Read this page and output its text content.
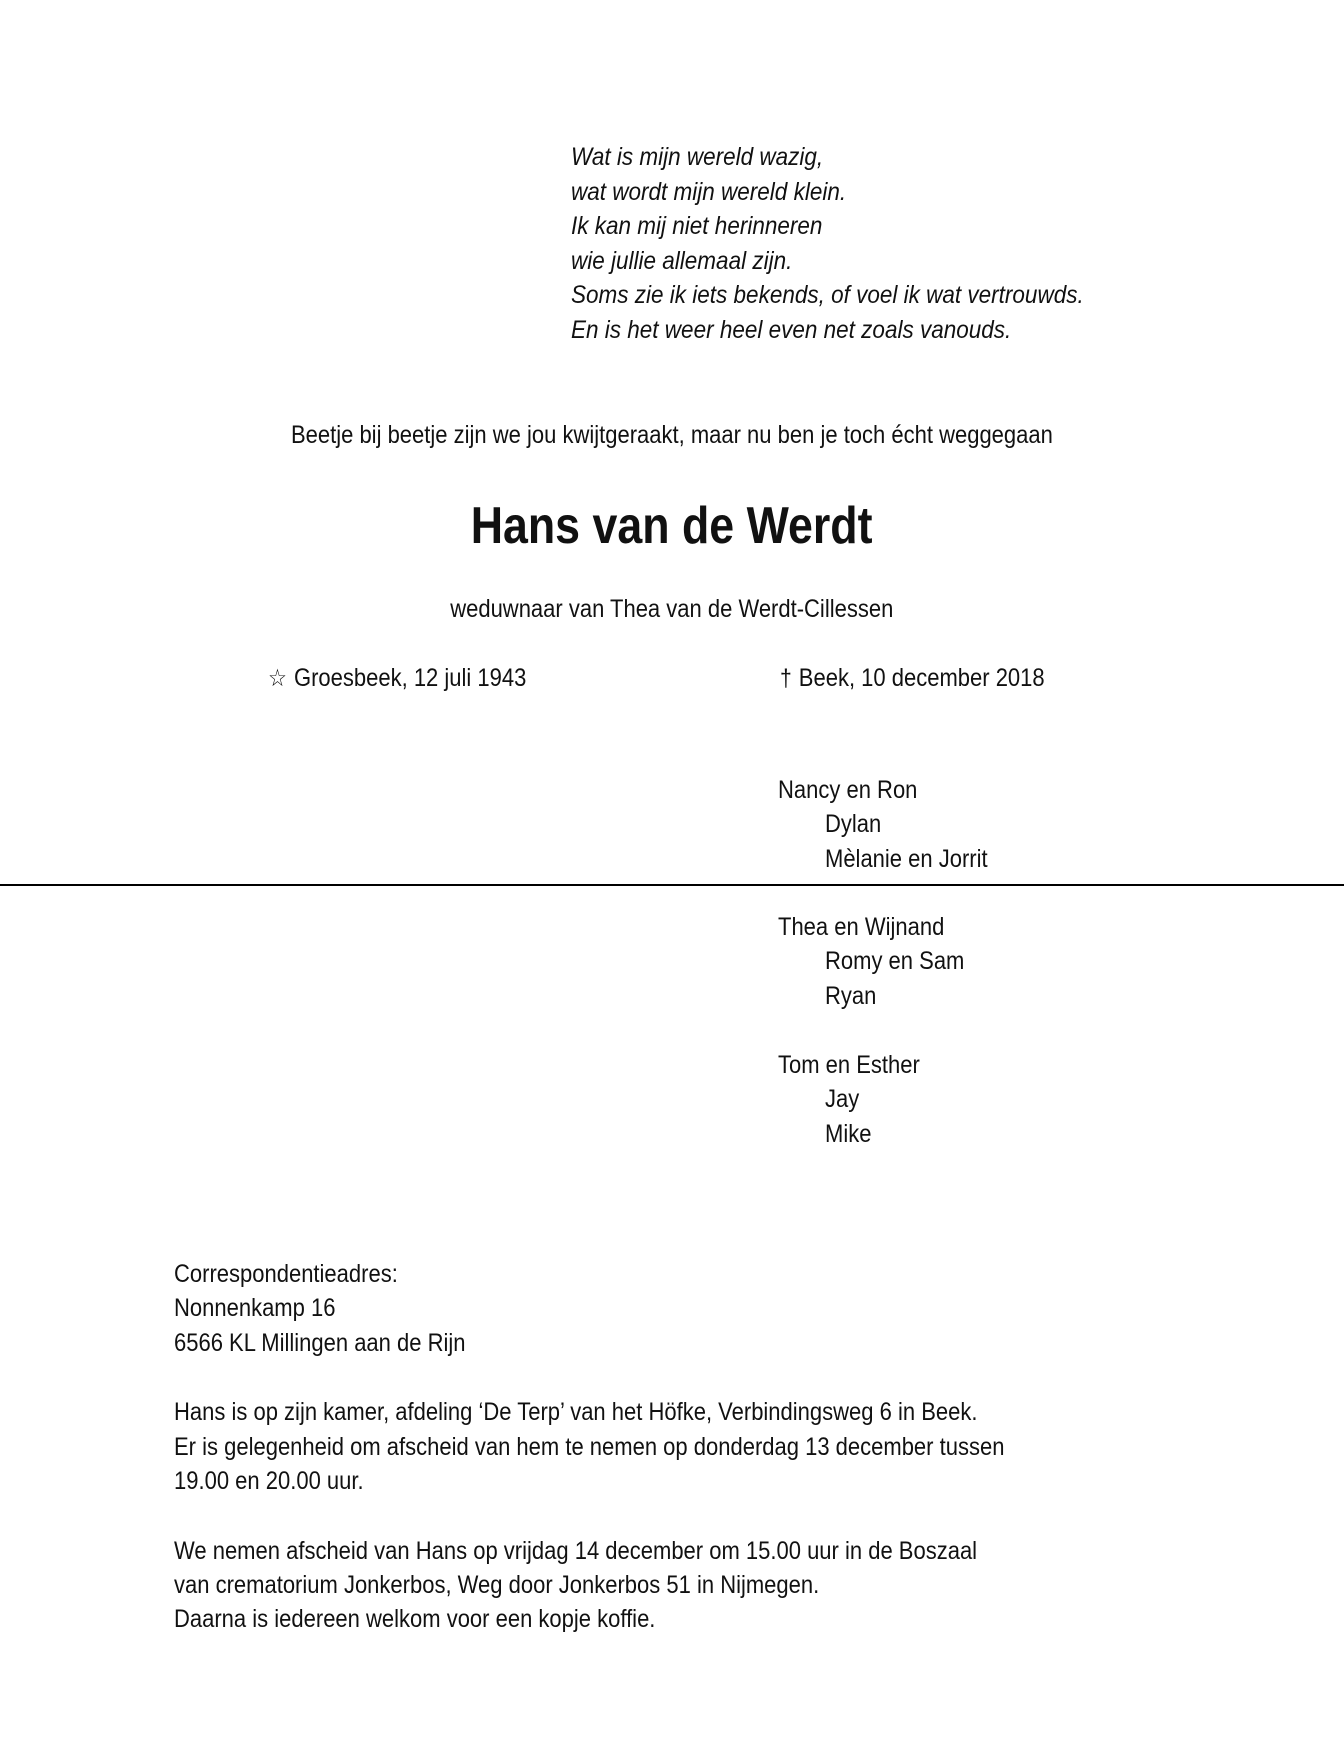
Wat is mijn wereld wazig,
wat wordt mijn wereld klein.
Ik kan mij niet herinneren
wie jullie allemaal zijn.
Soms zie ik iets bekends, of voel ik wat vertrouwds.
En is het weer heel even net zoals vanouds.
Beetje bij beetje zijn we jou kwijtgeraakt, maar nu ben je toch écht weggegaan
Hans van de Werdt
weduwnaar van Thea van de Werdt-Cillessen
☆ Groesbeek, 12 juli 1943	† Beek, 10 december 2018
Nancy en Ron
Dylan
Mèlanie en Jorrit
Thea en Wijnand
Romy en Sam
Ryan
Tom en Esther
Jay
Mike
Correspondentieadres:
Nonnenkamp 16
6566 KL Millingen aan de Rijn
Hans is op zijn kamer, afdeling ‘De Terp’ van het Höfke, Verbindingsweg 6 in Beek.
Er is gelegenheid om afscheid van hem te nemen op donderdag 13 december tussen
19.00 en 20.00 uur.
We nemen afscheid van Hans op vrijdag 14 december om 15.00 uur in de Boszaal
van crematorium Jonkerbos, Weg door Jonkerbos 51 in Nijmegen.
Daarna is iedereen welkom voor een kopje koffie.
